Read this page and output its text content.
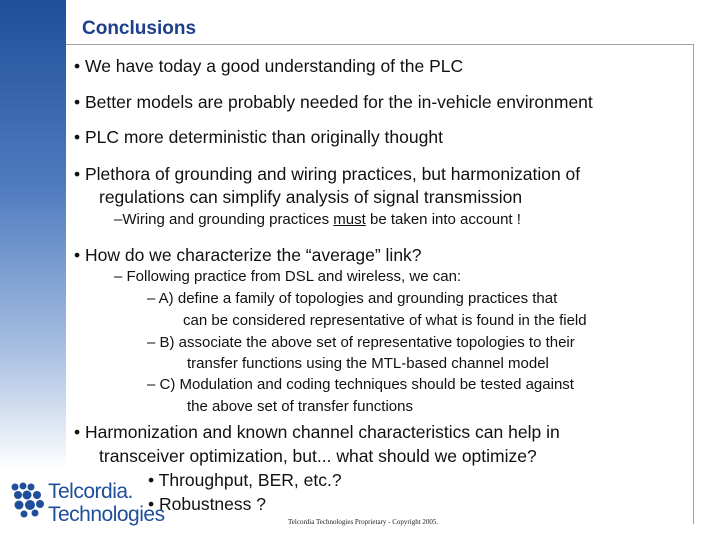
Conclusions

• We have today a good understanding of the PLC

• Better models are probably needed for the in-vehicle environment

• PLC more deterministic than originally thought

• Plethora of grounding and wiring practices, but harmonization of

regulations can simplify analysis of signal transmission

–Wiring and grounding practices must be taken into account !

• How do we characterize the “average” link?

– Following practice from DSL and wireless, we can:

– A) define a family of topologies and grounding practices that

can be considered representative of what is found in the field

– B) associate the above set of representative topologies to their

transfer functions using the MTL-based channel model

– C) Modulation and coding techniques should be tested against

the above set of transfer functions

• Harmonization and known channel characteristics can help in

transceiver optimization, but... what should we optimize?

• Throughput, BER, etc.?

• Robustness ?

Telcordia.
Technologies	Telcordia Technologies Proprietary - Copyright 2005.
